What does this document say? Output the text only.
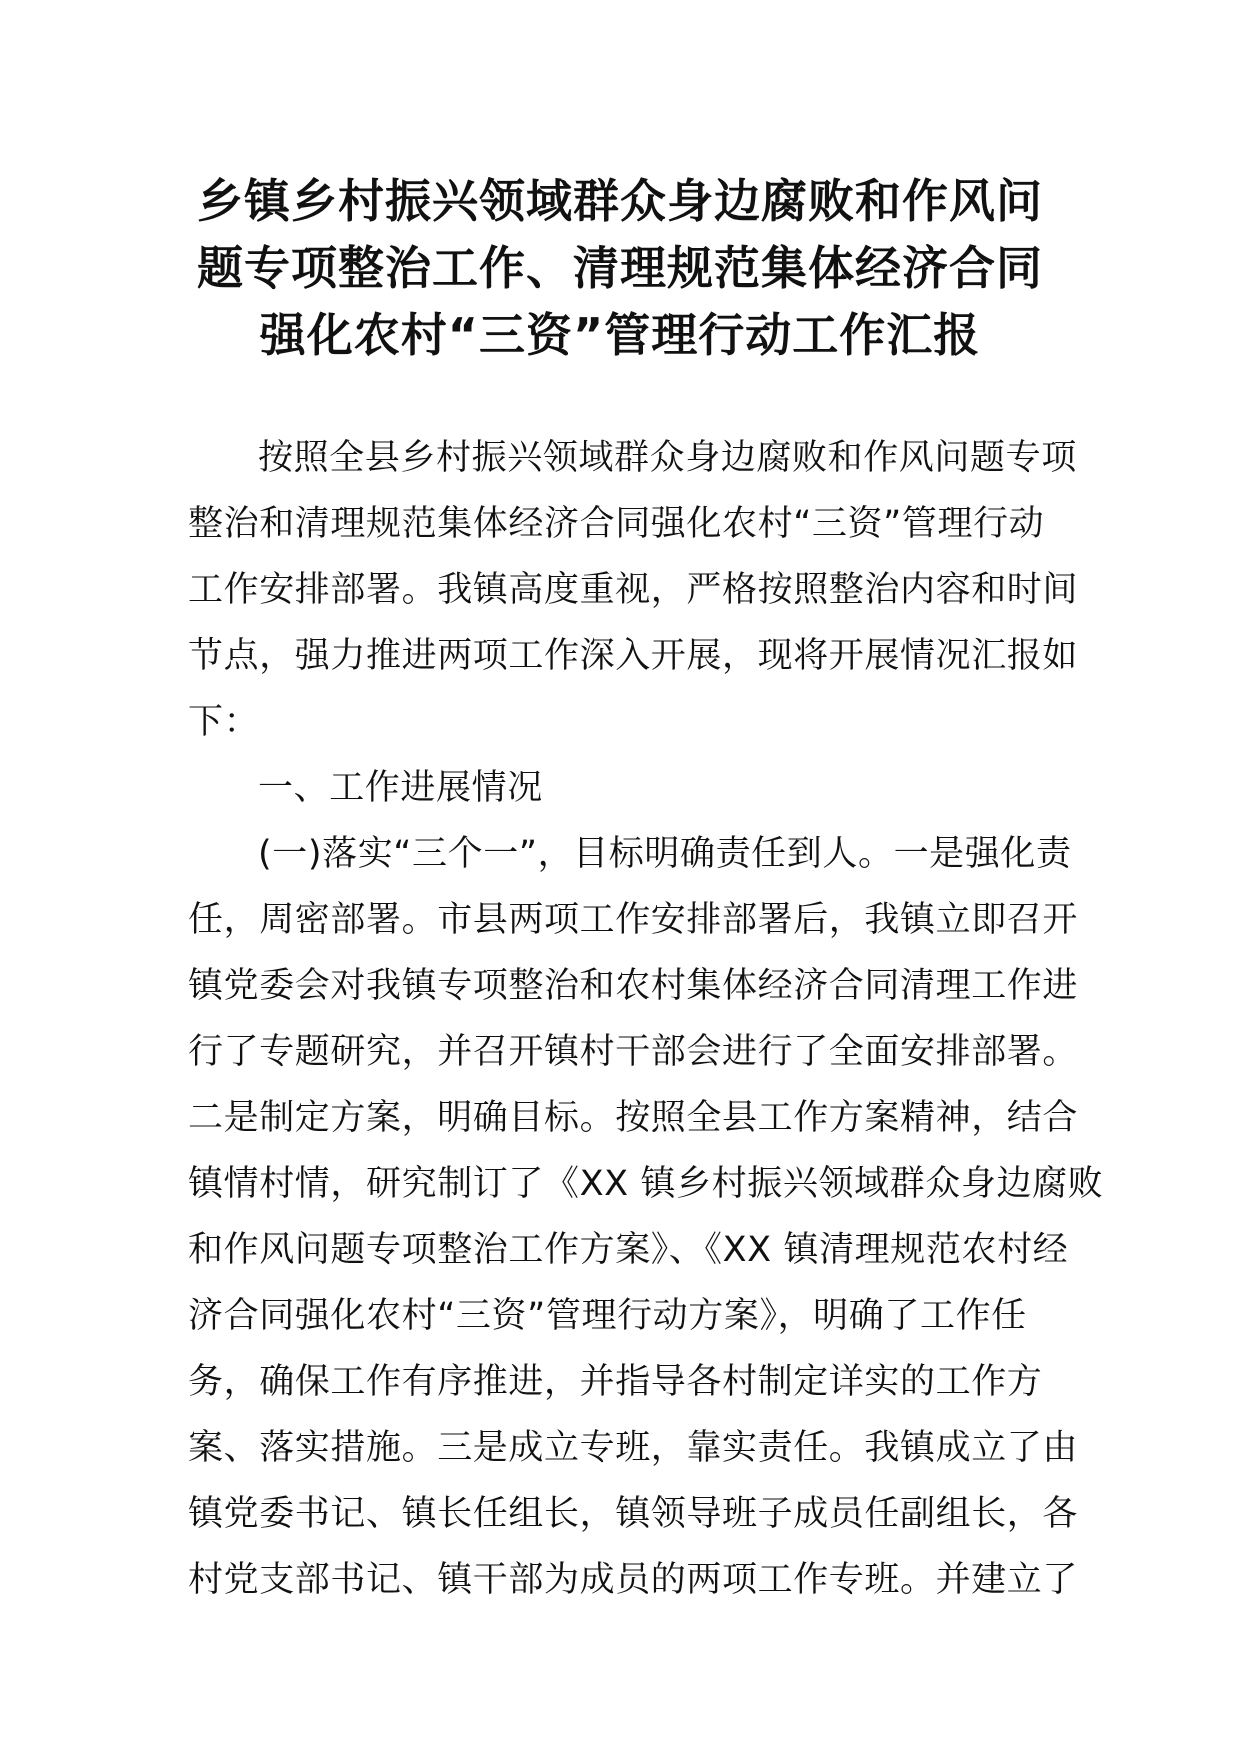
乡镇乡村振兴领域群众身边腐败和作风问
题专项整治工作、清理规范集体经济合同
强化农村“三资”管理行动工作汇报
按照全县乡村振兴领域群众身边腐败和作风问题专项
整治和清理规范集体经济合同强化农村“三资”管理行动
工作安排部署。我镇高度重视，严格按照整治内容和时间
节点，强力推进两项工作深入开展，现将开展情况汇报如
下：
一、工作进展情况
(一)落实“三个一”，目标明确责任到人。一是强化责
任，周密部署。市县两项工作安排部署后，我镇立即召开
镇党委会对我镇专项整治和农村集体经济合同清理工作进
行了专题研究，并召开镇村干部会进行了全面安排部署。
二是制定方案，明确目标。按照全县工作方案精神，结合
镇情村情，研究制订了《XX 镇乡村振兴领域群众身边腐败
和作风问题专项整治工作方案》、《XX 镇清理规范农村经
济合同强化农村“三资”管理行动方案》，明确了工作任
务，确保工作有序推进，并指导各村制定详实的工作方
案、落实措施。三是成立专班，靠实责任。我镇成立了由
镇党委书记、镇长任组长，镇领导班子成员任副组长，各
村党支部书记、镇干部为成员的两项工作专班。并建立了
